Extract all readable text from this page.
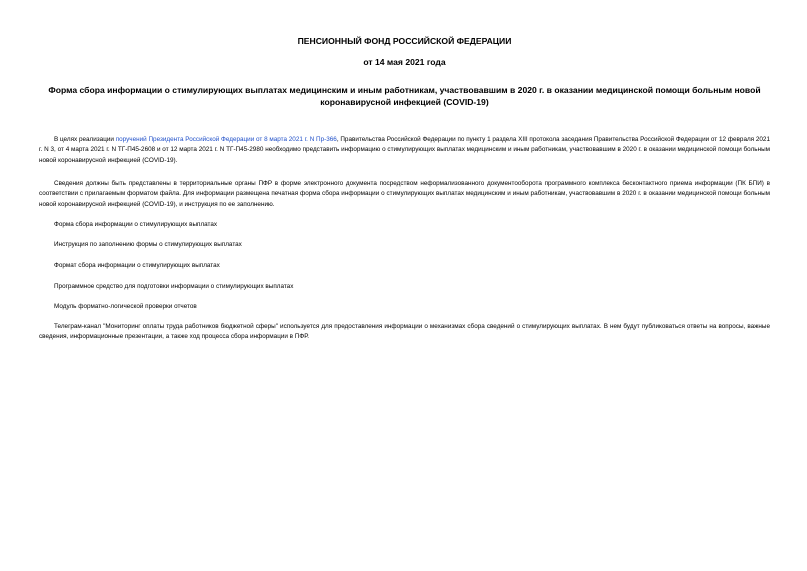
ПЕНСИОННЫЙ ФОНД РОССИЙСКОЙ ФЕДЕРАЦИИ
от 14 мая 2021 года
Форма сбора информации о стимулирующих выплатах медицинским и иным работникам, участвовавшим в 2020 г. в оказании медицинской помощи больным новой коронавирусной инфекцией (COVID-19)

В целях реализации поручений Президента Российской Федерации от 8 марта 2021 г. N Пр-366, Правительства Российской Федерации по пункту 1 раздела XIII протокола заседания Правительства Российской Федерации от 12 февраля 2021 г. N 3, от 4 марта 2021 г. N ТГ-П45-2608 и от 12 марта 2021 г. N ТГ-П45-2980 необходимо представить информацию о стимулирующих выплатах медицинским и иным работникам, участвовавшим в 2020 г. в оказании медицинской помощи больным новой коронавирусной инфекцией (COVID-19).

Сведения должны быть представлены в территориальные органы ПФР в форме электронного документа посредством неформализованного документооборота программного комплекса бесконтактного приема информации (ПК БПИ) в соответствии с прилагаемым форматом файла. Для информации размещена печатная форма сбора информации о стимулирующих выплатах медицинским и иным работникам, участвовавшим в 2020 г. в оказании медицинской помощи больным новой коронавирусной инфекцией (COVID-19), и инструкция по ее заполнению.

Форма сбора информации о стимулирующих выплатах
Инструкция по заполнению формы о стимулирующих выплатах
Формат сбора информации о стимулирующих выплатах
Программное средство для подготовки информации о стимулирующих выплатах
Модуль форматно-логической проверки отчетов

Телеграм-канал "Мониторинг оплаты труда работников бюджетной сферы" используется для предоставления информации о механизмах сбора сведений о стимулирующих выплатах. В нем будут публиковаться ответы на вопросы, важные сведения, информационные презентации, а также ход процесса сбора информации в ПФР.
